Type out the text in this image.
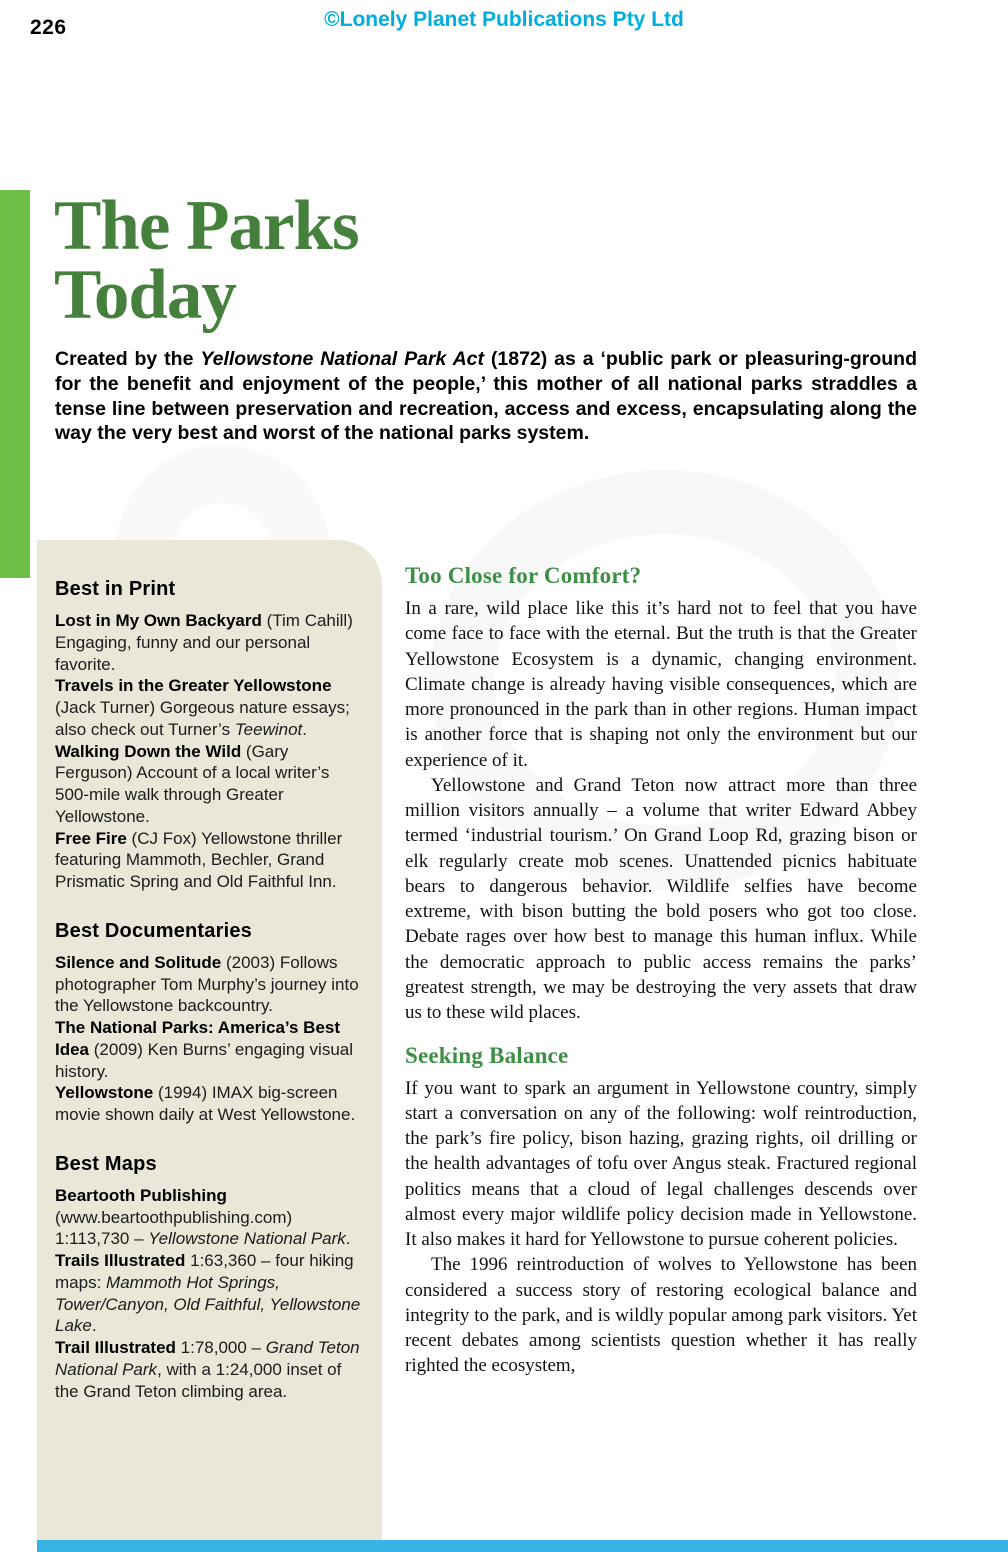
226	©Lonely Planet Publications Pty Ltd
The Parks
Today

Created by the Yellowstone National Park Act (1872) as a ‘public park or pleasuring-ground for the benefit and enjoyment of the people,’ this mother of all national parks straddles a tense line between preservation and recreation, access and excess, encapsulating along the way the very best and worst of the national parks system.

Best in Print

Lost in My Own Backyard (Tim Cahill) Engaging, funny and our personal favorite.

Travels in the Greater Yellowstone (Jack Turner) Gorgeous nature essays; also check out Turner’s Teewinot.

Walking Down the Wild (Gary Ferguson) Account of a local writer’s 500-mile walk through Greater Yellowstone.

Free Fire (CJ Fox) Yellowstone thriller featuring Mammoth, Bechler, Grand Prismatic Spring and Old Faithful Inn.

Best Documentaries

Silence and Solitude (2003) Follows photographer Tom Murphy’s journey into the Yellowstone backcountry.

The National Parks: America’s Best Idea (2009) Ken Burns’ engaging visual history.

Yellowstone (1994) IMAX big-screen movie shown daily at West Yellowstone.

Best Maps

Beartooth Publishing (www.beartoothpublishing.com) 1:113,730 – Yellowstone National Park.

Trails Illustrated 1:63,360 – four hiking maps: Mammoth Hot Springs, Tower/Canyon, Old Faithful, Yellowstone Lake.

Trail Illustrated 1:78,000 – Grand Teton National Park, with a 1:24,000 inset of the Grand Teton climbing area.

Too Close for Comfort?

In a rare, wild place like this it’s hard not to feel that you have come face to face with the eternal. But the truth is that the Greater Yellowstone Ecosystem is a dynamic, changing environment. Climate change is already having visible consequences, which are more pronounced in the park than in other regions. Human impact is another force that is shaping not only the environment but our experience of it.

Yellowstone and Grand Teton now attract more than three million visitors annually – a volume that writer Edward Abbey termed ‘industrial tourism.’ On Grand Loop Rd, grazing bison or elk regularly create mob scenes. Unattended picnics habituate bears to dangerous behavior. Wildlife selfies have become extreme, with bison butting the bold posers who got too close. Debate rages over how best to manage this human influx. While the democratic approach to public access remains the parks’ greatest strength, we may be destroying the very assets that draw us to these wild places.

Seeking Balance

If you want to spark an argument in Yellowstone country, simply start a conversation on any of the following: wolf reintroduction, the park’s fire policy, bison hazing, grazing rights, oil drilling or the health advantages of tofu over Angus steak. Fractured regional politics means that a cloud of legal challenges descends over almost every major wildlife policy decision made in Yellowstone. It also makes it hard for Yellowstone to pursue coherent policies.

The 1996 reintroduction of wolves to Yellowstone has been considered a success story of restoring ecological balance and integrity to the park, and is wildly popular among park visitors. Yet recent debates among scientists question whether it has really righted the ecosystem,
